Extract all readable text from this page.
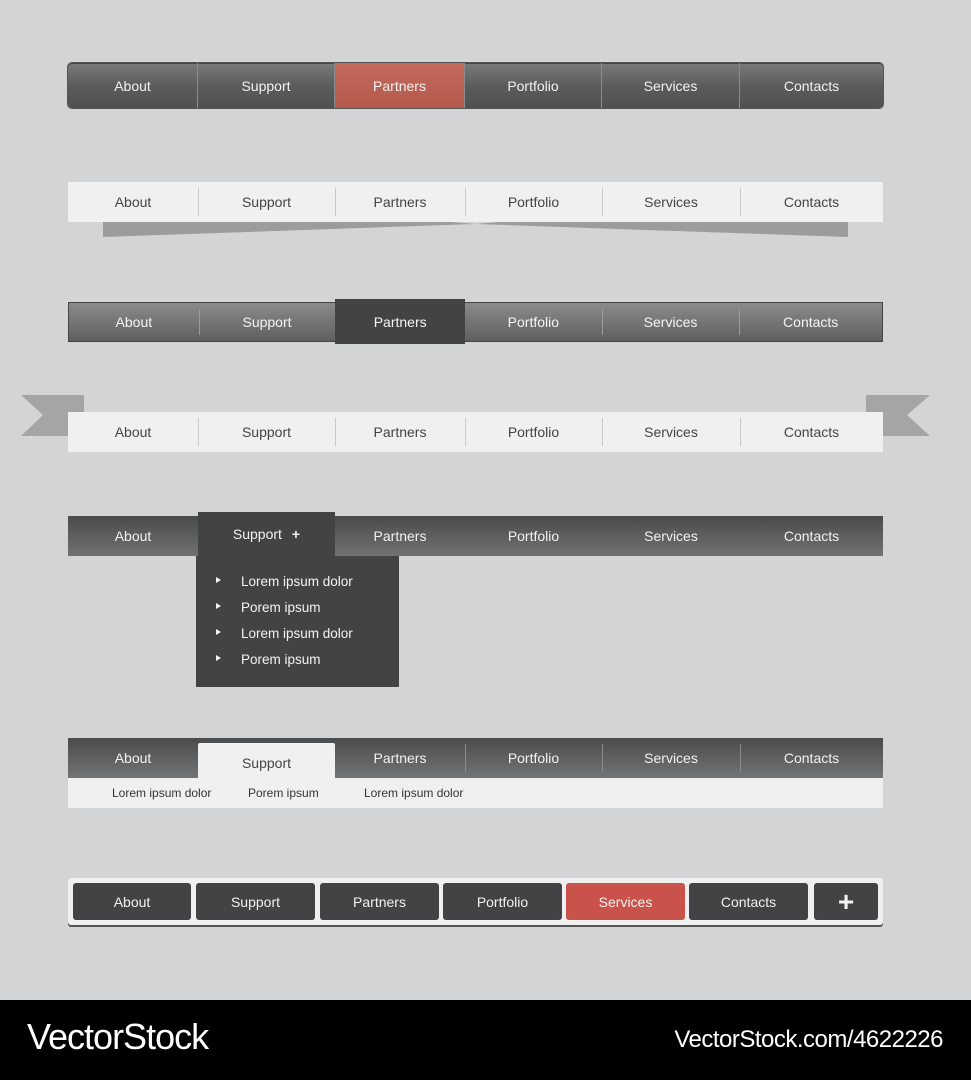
About	Support	Partners	Portfolio	Services	Contacts
About	Support	Partners	Portfolio	Services	Contacts
About	Support	Partners	Portfolio	Services	Contacts
About	Support	Partners	Portfolio	Services	Contacts
About	Support +	Partners	Portfolio	Services	Contacts
Lorem ipsum dolor
Porem ipsum
Lorem ipsum dolor
Porem ipsum
About	Support	Partners	Portfolio	Services	Contacts
Lorem ipsum dolor	Porem ipsum	Lorem ipsum dolor
About	Support	Partners	Portfolio	Services	Contacts	+
VectorStock	VectorStock.com/4622226
